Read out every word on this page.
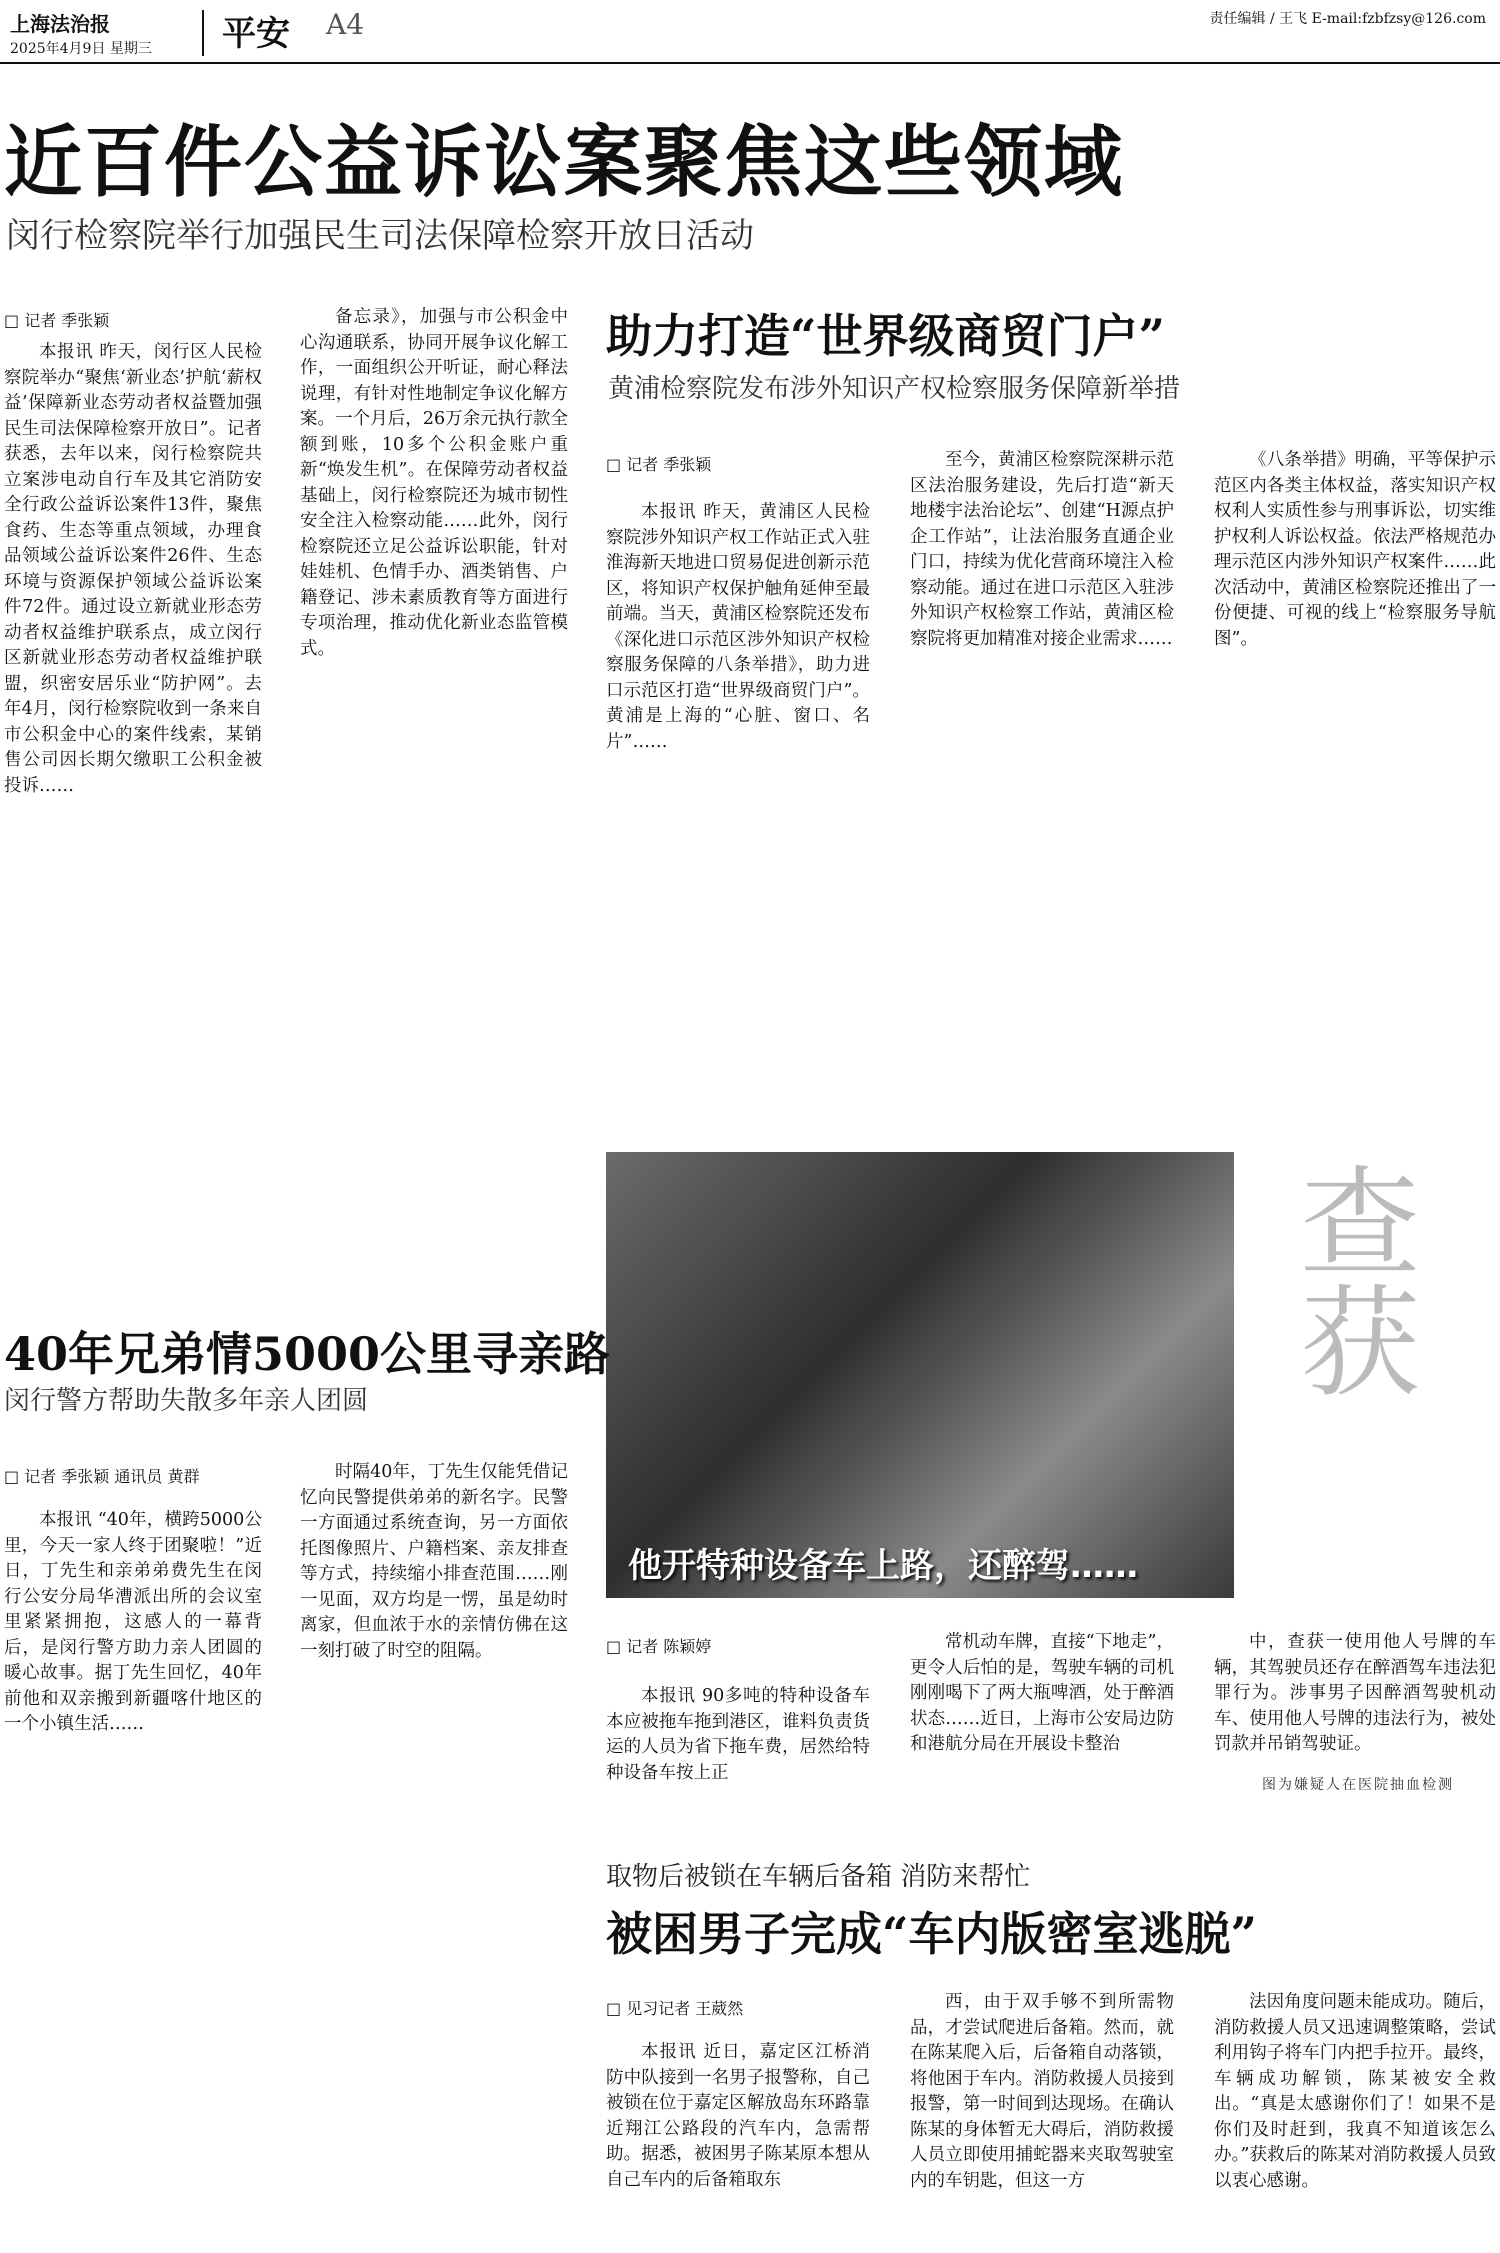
上海法治报
2025年4月9日 星期三 平安 A4	责任编辑 / 王飞 E-mail:fzbfzsy@126.com
近百件公益诉讼案聚焦这些领域
闵行检察院举行加强民生司法保障检察开放日活动
□ 记者 季张颖

本报讯 昨天，闵行区人民检察院举办“聚焦‘新业态’护航‘薪权益’保障新业态劳动者权益暨加强民生司法保障检察开放日”。记者获悉，去年以来，闵行检察院共立案涉电动自行车及其它消防安全行政公益诉讼案件13件，聚焦食药、生态等重点领域，办理食品领域公益诉讼案件26件、生态环境与资源保护领域公益诉讼案件72件。通过设立新就业形态劳动者权益维护联系点，成立闵行区新就业形态劳动者权益维护联盟，织密安居乐业“防护网”。去年4月，闵行检察院收到一条来自市公积金中心的案件线索，某销售公司因长期欠缴职工公积金被投诉……

备忘录》，加强与市公积金中心沟通联系，协同开展争议化解工作，一面组织公开听证，耐心释法说理，有针对性地制定争议化解方案。一个月后，26万余元执行款全额到账，10多个公积金账户重新“焕发生机”。在保障劳动者权益基础上，闵行检察院还为城市韧性安全注入检察动能……此外，闵行检察院还立足公益诉讼职能，针对娃娃机、色情手办、酒类销售、户籍登记、涉未素质教育等方面进行专项治理，推动优化新业态监管模式。

助力打造“世界级商贸门户”
黄浦检察院发布涉外知识产权检察服务保障新举措
□ 记者 季张颖

本报讯 昨天，黄浦区人民检察院涉外知识产权工作站正式入驻淮海新天地进口贸易促进创新示范区，将知识产权保护触角延伸至最前端。当天，黄浦区检察院还发布《深化进口示范区涉外知识产权检察服务保障的八条举措》，助力进口示范区打造“世界级商贸门户”。黄浦是上海的“心脏、窗口、名片”……

至今，黄浦区检察院深耕示范区法治服务建设，先后打造“新天地楼宇法治论坛”、创建“H源点护企工作站”，让法治服务直通企业门口，持续为优化营商环境注入检察动能。通过在进口示范区入驻涉外知识产权检察工作站，黄浦区检察院将更加精准对接企业需求……

《八条举措》明确，平等保护示范区内各类主体权益，落实知识产权权利人实质性参与刑事诉讼，切实维护权利人诉讼权益。依法严格规范办理示范区内涉外知识产权案件……此次活动中，黄浦区检察院还推出了一份便捷、可视的线上“检察服务导航图”。

他开特种设备车上路，还醉驾……
查获
40年兄弟情5000公里寻亲路
闵行警方帮助失散多年亲人团圆
□ 记者 季张颖 通讯员 黄群

本报讯 “40年，横跨5000公里，今天一家人终于团聚啦！”近日，丁先生和亲弟弟费先生在闵行公安分局华漕派出所的会议室里紧紧拥抱，这感人的一幕背后，是闵行警方助力亲人团圆的暖心故事。据丁先生回忆，40年前他和双亲搬到新疆喀什地区的一个小镇生活……

时隔40年，丁先生仅能凭借记忆向民警提供弟弟的新名字。民警一方面通过系统查询，另一方面依托图像照片、户籍档案、亲友排查等方式，持续缩小排查范围……刚一见面，双方均是一愣，虽是幼时离家，但血浓于水的亲情仿佛在这一刻打破了时空的阻隔。	□ 记者 陈颖婷

本报讯 90多吨的特种设备车本应被拖车拖到港区，谁料负责货运的人员为省下拖车费，居然给特种设备车按上正

常机动车牌，直接“下地走”，更令人后怕的是，驾驶车辆的司机刚刚喝下了两大瓶啤酒，处于醉酒状态……近日，上海市公安局边防和港航分局在开展设卡整治

中，查获一使用他人号牌的车辆，其驾驶员还存在醉酒驾车违法犯罪行为。涉事男子因醉酒驾驶机动车、使用他人号牌的违法行为，被处罚款并吊销驾驶证。

图为嫌疑人在医院抽血检测
取物后被锁在车辆后备箱 消防来帮忙
被困男子完成“车内版密室逃脱”
□ 见习记者 王葳然

本报讯 近日，嘉定区江桥消防中队接到一名男子报警称，自己被锁在位于嘉定区解放岛东环路靠近翔江公路段的汽车内，急需帮助。据悉，被困男子陈某原本想从自己车内的后备箱取东

西，由于双手够不到所需物品，才尝试爬进后备箱。然而，就在陈某爬入后，后备箱自动落锁，将他困于车内。消防救援人员接到报警，第一时间到达现场。在确认陈某的身体暂无大碍后，消防救援人员立即使用捕蛇器来夹取驾驶室内的车钥匙，但这一方

法因角度问题未能成功。随后，消防救援人员又迅速调整策略，尝试利用钩子将车门内把手拉开。最终，车辆成功解锁，陈某被安全救出。“真是太感谢你们了！如果不是你们及时赶到，我真不知道该怎么办。”获救后的陈某对消防救援人员致以衷心感谢。
